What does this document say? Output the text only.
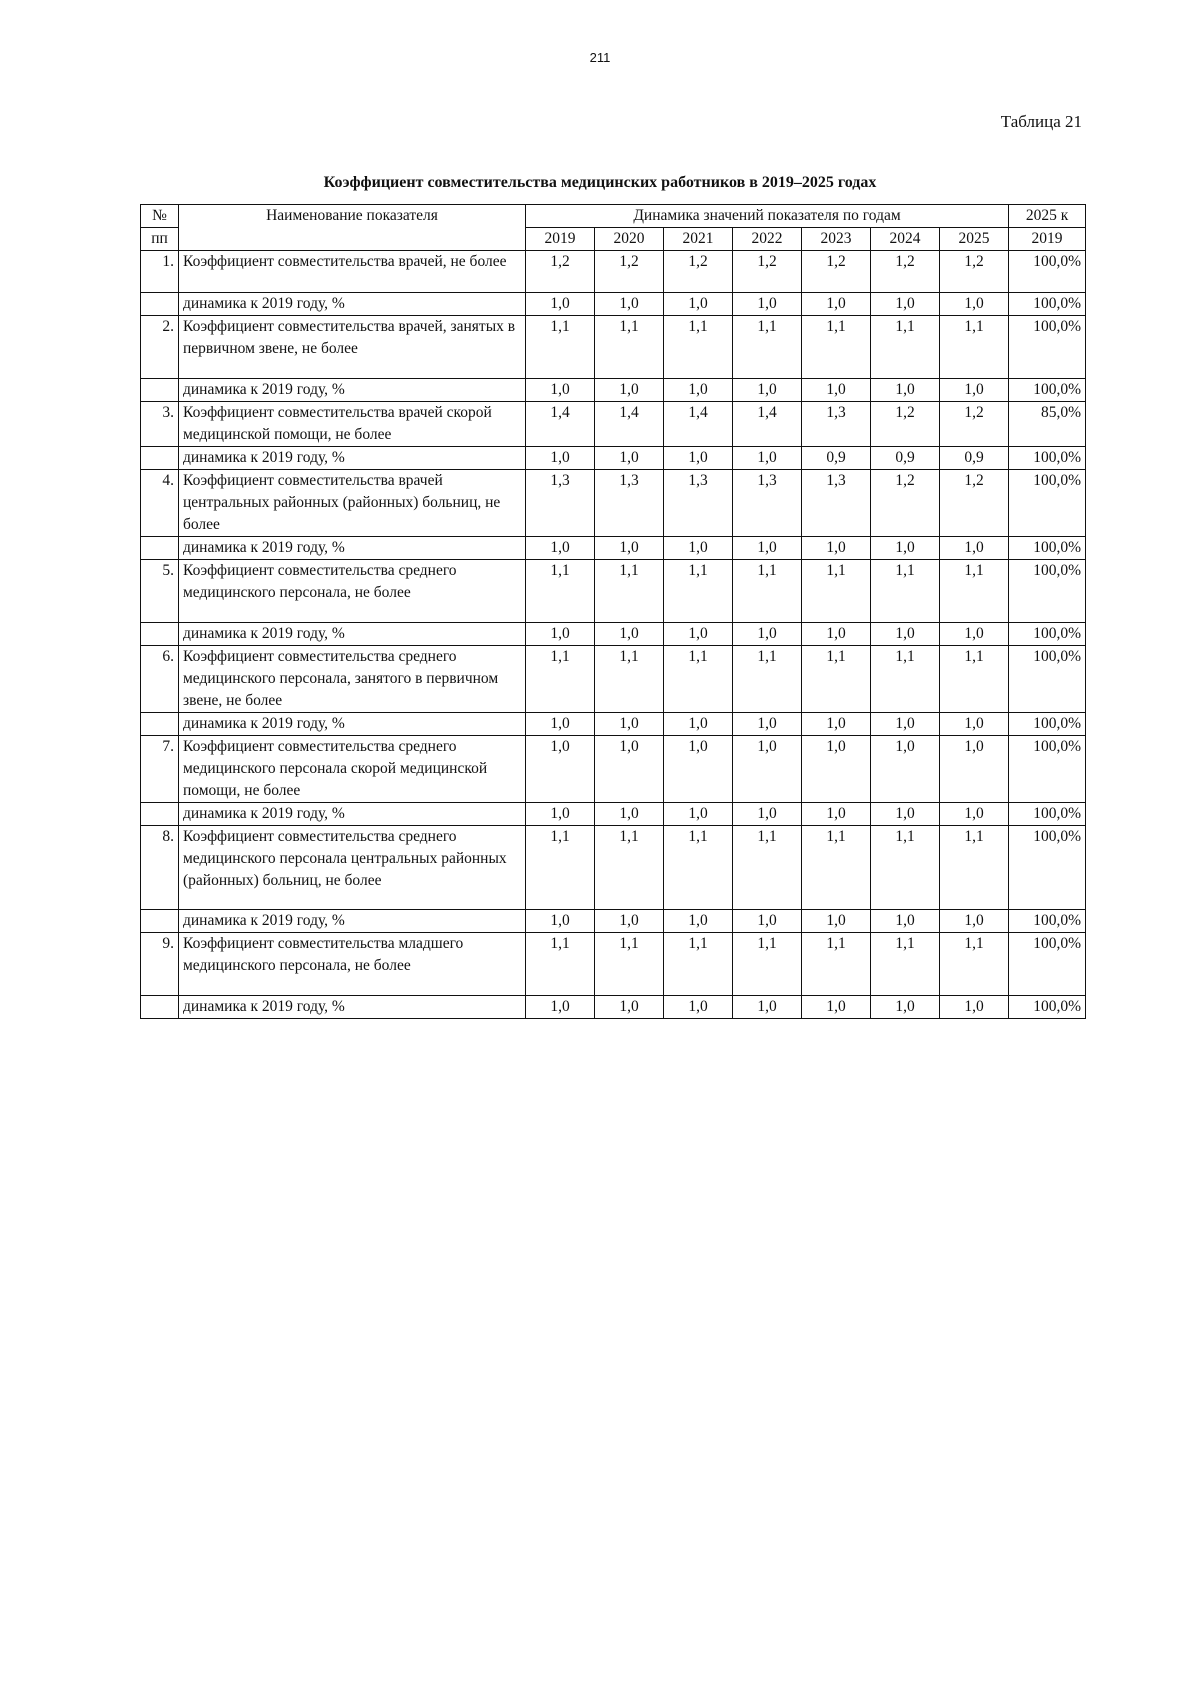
211
Таблица 21
Коэффициент совместительства медицинских работников в 2019–2025 годах
№	Наименование показателя	Динамика значений показателя по годам							2025 к
пп		2019	2020	2021	2022	2023	2024	2025	2019
1.	Коэффициент совместительства врачей, не более	1,2	1,2	1,2	1,2	1,2	1,2	1,2	100,0%
	динамика к 2019 году, %	1,0	1,0	1,0	1,0	1,0	1,0	1,0	100,0%
2.	Коэффициент совместительства врачей, занятых в первичном звене, не более	1,1	1,1	1,1	1,1	1,1	1,1	1,1	100,0%
	динамика к 2019 году, %	1,0	1,0	1,0	1,0	1,0	1,0	1,0	100,0%
3.	Коэффициент совместительства врачей скорой медицинской помощи, не более	1,4	1,4	1,4	1,4	1,3	1,2	1,2	85,0%
	динамика к 2019 году, %	1,0	1,0	1,0	1,0	0,9	0,9	0,9	100,0%
4.	Коэффициент совместительства врачей центральных районных (районных) больниц, не более	1,3	1,3	1,3	1,3	1,3	1,2	1,2	100,0%
	динамика к 2019 году, %	1,0	1,0	1,0	1,0	1,0	1,0	1,0	100,0%
5.	Коэффициент совместительства среднего медицинского персонала, не более	1,1	1,1	1,1	1,1	1,1	1,1	1,1	100,0%
	динамика к 2019 году, %	1,0	1,0	1,0	1,0	1,0	1,0	1,0	100,0%
6.	Коэффициент совместительства среднего медицинского персонала, занятого в первичном звене, не более	1,1	1,1	1,1	1,1	1,1	1,1	1,1	100,0%
	динамика к 2019 году, %	1,0	1,0	1,0	1,0	1,0	1,0	1,0	100,0%
7.	Коэффициент совместительства среднего медицинского персонала скорой медицинской помощи, не более	1,0	1,0	1,0	1,0	1,0	1,0	1,0	100,0%
	динамика к 2019 году, %	1,0	1,0	1,0	1,0	1,0	1,0	1,0	100,0%
8.	Коэффициент совместительства среднего медицинского персонала центральных районных (районных) больниц, не более	1,1	1,1	1,1	1,1	1,1	1,1	1,1	100,0%
	динамика к 2019 году, %	1,0	1,0	1,0	1,0	1,0	1,0	1,0	100,0%
9.	Коэффициент совместительства младшего медицинского персонала, не более	1,1	1,1	1,1	1,1	1,1	1,1	1,1	100,0%
	динамика к 2019 году, %	1,0	1,0	1,0	1,0	1,0	1,0	1,0	100,0%
